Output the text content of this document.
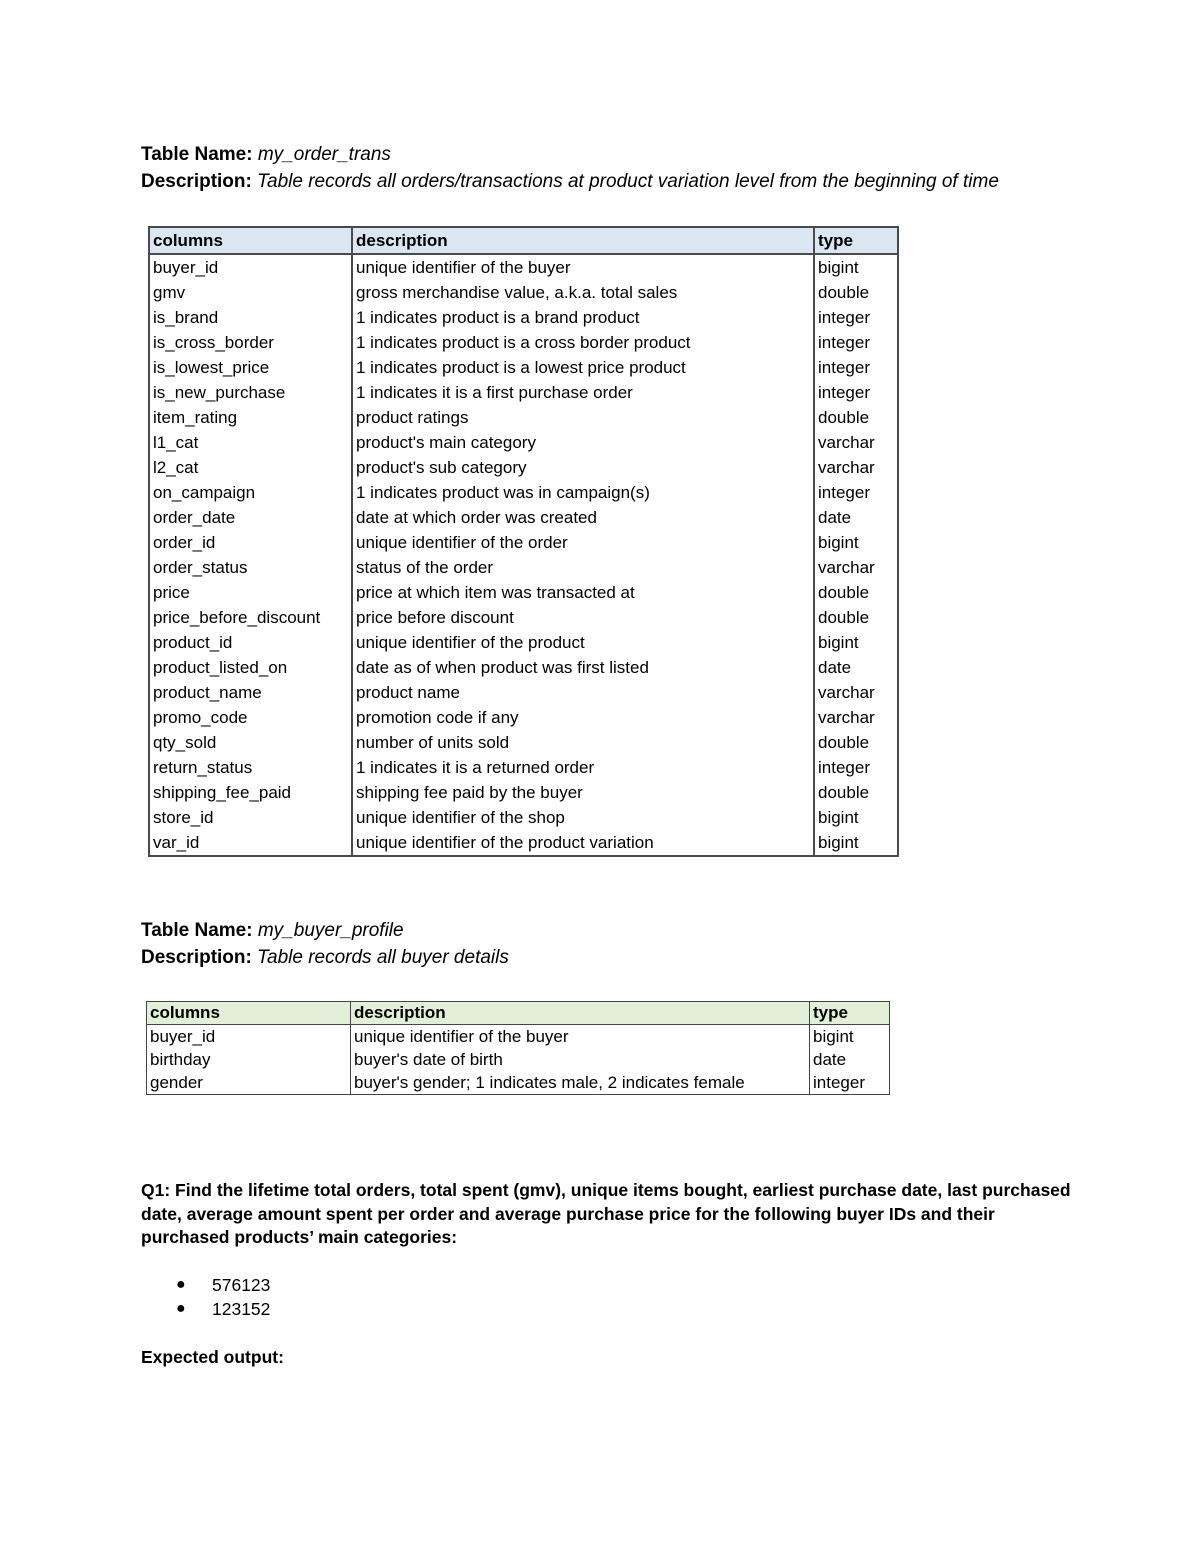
Table Name: my_order_trans
Description: Table records all orders/transactions at product variation level from the beginning of time
columns	description	type
buyer_id	unique identifier of the buyer	bigint
gmv	gross merchandise value, a.k.a. total sales	double
is_brand	1 indicates product is a brand product	integer
is_cross_border	1 indicates product is a cross border product	integer
is_lowest_price	1 indicates product is a lowest price product	integer
is_new_purchase	1 indicates it is a first purchase order	integer
item_rating	product ratings	double
l1_cat	product's main category	varchar
l2_cat	product's sub category	varchar
on_campaign	1 indicates product was in campaign(s)	integer
order_date	date at which order was created	date
order_id	unique identifier of the order	bigint
order_status	status of the order	varchar
price	price at which item was transacted at	double
price_before_discount	price before discount	double
product_id	unique identifier of the product	bigint
product_listed_on	date as of when product was first listed	date
product_name	product name	varchar
promo_code	promotion code if any	varchar
qty_sold	number of units sold	double
return_status	1 indicates it is a returned order	integer
shipping_fee_paid	shipping fee paid by the buyer	double
store_id	unique identifier of the shop	bigint
var_id	unique identifier of the product variation	bigint
Table Name: my_buyer_profile
Description: Table records all buyer details
columns	description	type
buyer_id	unique identifier of the buyer	bigint
birthday	buyer's date of birth	date
gender	buyer's gender; 1 indicates male, 2 indicates female	integer
Q1: Find the lifetime total orders, total spent (gmv), unique items bought, earliest purchase date, last purchased date, average amount spent per order and average purchase price for the following buyer IDs and their purchased products’ main categories:
● 576123
● 123152
Expected output:
